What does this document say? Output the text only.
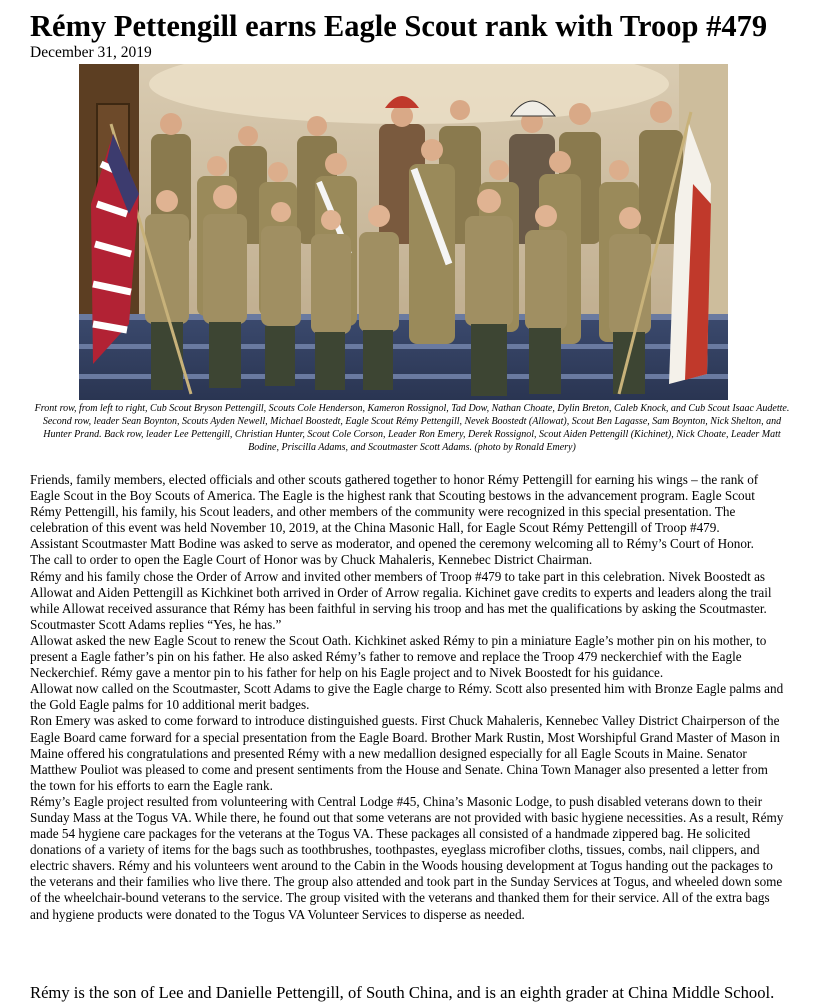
Rémy Pettengill earns Eagle Scout rank with Troop #479
December 31, 2019
Front row, from left to right, Cub Scout Bryson Pettengill, Scouts Cole Henderson, Kameron Rossignol, Tad Dow, Nathan Choate, Dylin Breton, Caleb Knock, and Cub Scout Isaac Audette. Second row, leader Sean Boynton, Scouts Ayden Newell, Michael Boostedt, Eagle Scout Rémy Pettengill, Nevek Boostedt (Allowat), Scout Ben Lagasse, Sam Boynton, Nick Shelton, and Hunter Prand. Back row, leader Lee Pettengill, Christian Hunter, Scout Cole Corson, Leader Ron Emery, Derek Rossignol, Scout Aiden Pettengill (Kichinet), Nick Choate, Leader Matt Bodine, Priscilla Adams, and Scoutmaster Scott Adams. (photo by Ronald Emery)

Friends, family members, elected officials and other scouts gathered together to honor Rémy Pettengill for earning his wings – the rank of Eagle Scout in the Boy Scouts of America. The Eagle is the highest rank that Scouting bestows in the advancement program. Eagle Scout Rémy Pettengill, his family, his Scout leaders, and other members of the community were recognized in this special presentation. The celebration of this event was held November 10, 2019, at the China Masonic Hall, for Eagle Scout Rémy Pettengill of Troop #479.

Assistant Scoutmaster Matt Bodine was asked to serve as moderator, and opened the ceremony welcoming all to Rémy’s Court of Honor.

The call to order to open the Eagle Court of Honor was by Chuck Mahaleris, Kennebec District Chairman.

Rémy and his family chose the Order of Arrow and invited other members of Troop #479 to take part in this celebration. Nivek Boostedt as Allowat and Aiden Pettengill as Kichkinet both arrived in Order of Arrow regalia. Kichinet gave credits to experts and leaders along the trail while Allowat received assurance that Rémy has been faithful in serving his troop and has met the qualifications by asking the Scoutmaster. Scoutmaster Scott Adams replies “Yes, he has.”

Allowat asked the new Eagle Scout to renew the Scout Oath. Kichkinet asked Rémy to pin a miniature Eagle’s mother pin on his mother, to present a Eagle father’s pin on his father. He also asked Rémy’s father to remove and replace the Troop 479 neckerchief with the Eagle Neckerchief. Rémy gave a mentor pin to his father for help on his Eagle project and to Nivek Boostedt for his guidance.

Allowat now called on the Scoutmaster, Scott Adams to give the Eagle charge to Rémy. Scott also presented him with Bronze Eagle palms and the Gold Eagle palms for 10 additional merit badges.

Ron Emery was asked to come forward to introduce distinguished guests. First Chuck Mahaleris, Kennebec Valley District Chairperson of the Eagle Board came forward for a special presentation from the Eagle Board. Brother Mark Rustin, Most Worshipful Grand Master of Mason in Maine offered his congratulations and presented Rémy with a new medallion designed especially for all Eagle Scouts in Maine. Senator Matthew Pouliot was pleased to come and present sentiments from the House and Senate. China Town Manager also presented a letter from the town for his efforts to earn the Eagle rank.

Rémy’s Eagle project resulted from volunteering with Central Lodge #45, China’s Masonic Lodge, to push disabled veterans down to their Sunday Mass at the Togus VA. While there, he found out that some veterans are not provided with basic hygiene necessities. As a result, Rémy made 54 hygiene care packages for the veterans at the Togus VA. These packages all consisted of a handmade zippered bag. He solicited donations of a variety of items for the bags such as toothbrushes, toothpastes, eyeglass microfiber cloths, tissues, combs, nail clippers, and electric shavers. Rémy and his volunteers went around to the Cabin in the Woods housing development at Togus handing out the packages to the veterans and their families who live there. The group also attended and took part in the Sunday Services at Togus, and wheeled down some of the wheelchair-bound veterans to the service. The group visited with the veterans and thanked them for their service. All of the extra bags and hygiene products were donated to the Togus VA Volunteer Services to disperse as needed.

Rémy is the son of Lee and Danielle Pettengill, of South China, and is an eighth grader at China Middle School.
